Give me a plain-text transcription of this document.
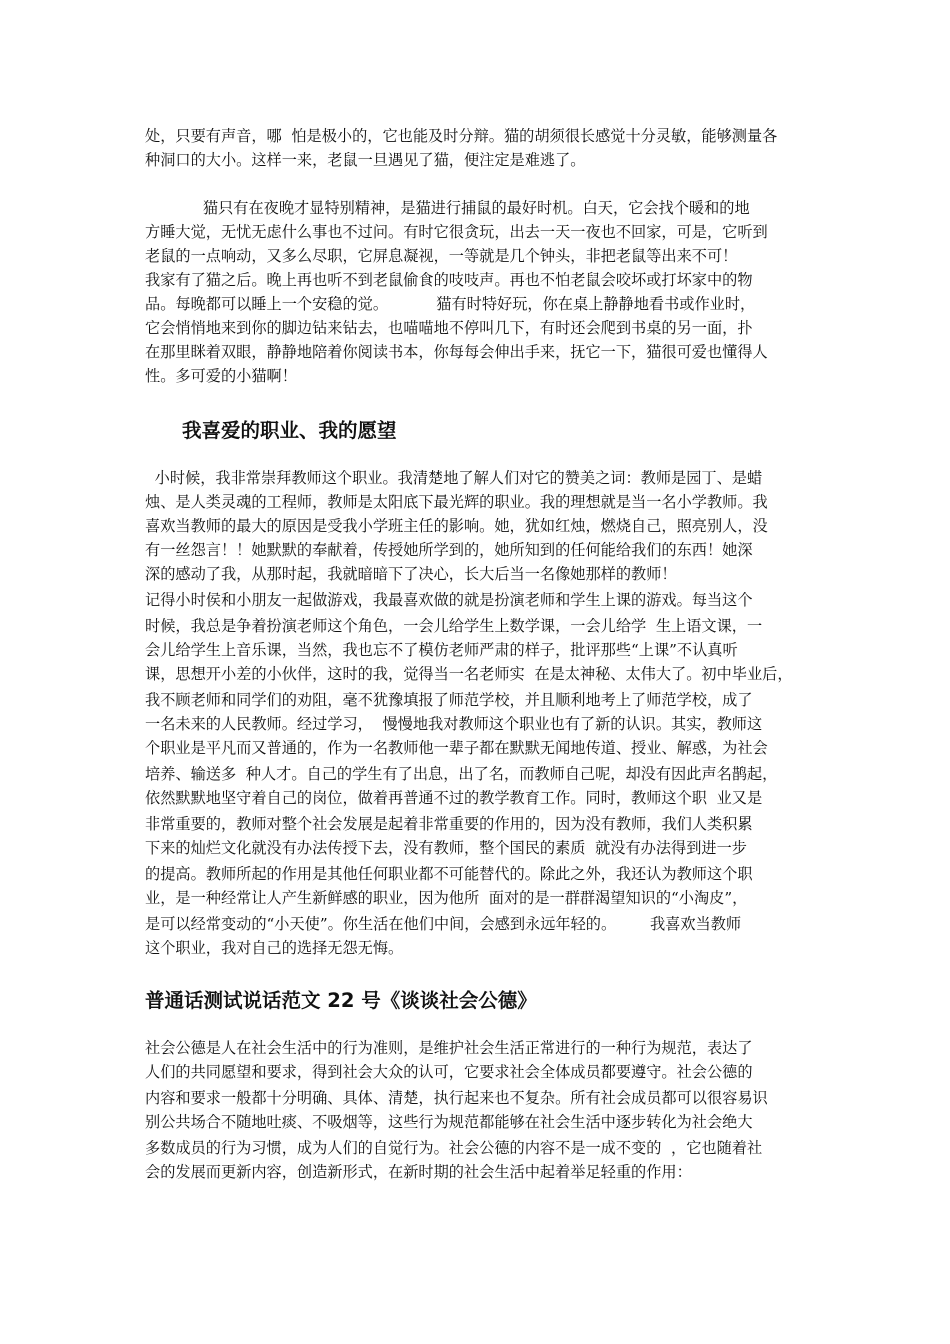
处，只要有声音，哪  怕是极小的，它也能及时分辩。猫的胡须很长感觉十分灵敏，能够测量各
种洞口的大小。这样一来，老鼠一旦遇见了猫，便注定是难逃了。
猫只有在夜晚才显特别精神，是猫进行捕鼠的最好时机。白天，它会找个暖和的地
方睡大觉，无忧无虑什么事也不过问。有时它很贪玩，出去一天一夜也不回家，可是，它听到
老鼠的一点响动，又多么尽职，它屏息凝视，一等就是几个钟头，非把老鼠等出来不可！
我家有了猫之后。晚上再也听不到老鼠偷食的吱吱声。再也不怕老鼠会咬坏或打坏家中的物
品。每晚都可以睡上一个安稳的觉。          猫有时特好玩，你在桌上静静地看书或作业时，
它会悄悄地来到你的脚边钻来钻去，也喵喵地不停叫几下，有时还会爬到书桌的另一面，扑
在那里眯着双眼，静静地陪着你阅读书本，你每每会伸出手来，抚它一下，猫很可爱也懂得人
性。多可爱的小猫啊！
我喜爱的职业、我的愿望
小时候，我非常崇拜教师这个职业。我清楚地了解人们对它的赞美之词：教师是园丁、是蜡
烛、是人类灵魂的工程师，教师是太阳底下最光辉的职业。我的理想就是当一名小学教师。我
喜欢当教师的最大的原因是受我小学班主任的影响。她，犹如红烛，燃烧自己，照亮别人，没
有一丝怨言！！她默默的奉献着，传授她所学到的，她所知到的任何能给我们的东西！她深
深的感动了我，从那时起，我就暗暗下了决心，长大后当一名像她那样的教师！
记得小时侯和小朋友一起做游戏，我最喜欢做的就是扮演老师和学生上课的游戏。每当这个
时候，我总是争着扮演老师这个角色，一会儿给学生上数学课，一会儿给学  生上语文课，一
会儿给学生上音乐课，当然，我也忘不了模仿老师严肃的样子，批评那些“上课”不认真听
课，思想开小差的小伙伴，这时的我，觉得当一名老师实  在是太神秘、太伟大了。初中毕业后，
我不顾老师和同学们的劝阻，毫不犹豫填报了师范学校，并且顺利地考上了师范学校，成了
一名未来的人民教师。经过学习，  慢慢地我对教师这个职业也有了新的认识。其实，教师这
个职业是平凡而又普通的，作为一名教师他一辈子都在默默无闻地传道、授业、解惑，为社会
培养、输送多  种人才。自己的学生有了出息，出了名，而教师自己呢，却没有因此声名鹊起，
依然默默地坚守着自己的岗位，做着再普通不过的教学教育工作。同时，教师这个职  业又是
非常重要的，教师对整个社会发展是起着非常重要的作用的，因为没有教师，我们人类积累
下来的灿烂文化就没有办法传授下去，没有教师，整个国民的素质  就没有办法得到进一步
的提高。教师所起的作用是其他任何职业都不可能替代的。除此之外，我还认为教师这个职
业，是一种经常让人产生新鲜感的职业，因为他所  面对的是一群群渴望知识的“小淘皮”，
是可以经常变动的“小天使”。你生活在他们中间，会感到永远年轻的。       我喜欢当教师
这个职业，我对自己的选择无怨无悔。
普通话测试说话范文 22 号《谈谈社会公德》
社会公德是人在社会生活中的行为准则，是维护社会生活正常进行的一种行为规范，表达了
人们的共同愿望和要求，得到社会大众的认可，它要求社会全体成员都要遵守。社会公德的
内容和要求一般都十分明确、具体、清楚，执行起来也不复杂。所有社会成员都可以很容易识
别公共场合不随地吐痰、不吸烟等，这些行为规范都能够在社会生活中逐步转化为社会绝大
多数成员的行为习惯，成为人们的自觉行为。社会公德的内容不是一成不变的  ，它也随着社
会的发展而更新内容，创造新形式，在新时期的社会生活中起着举足轻重的作用：
